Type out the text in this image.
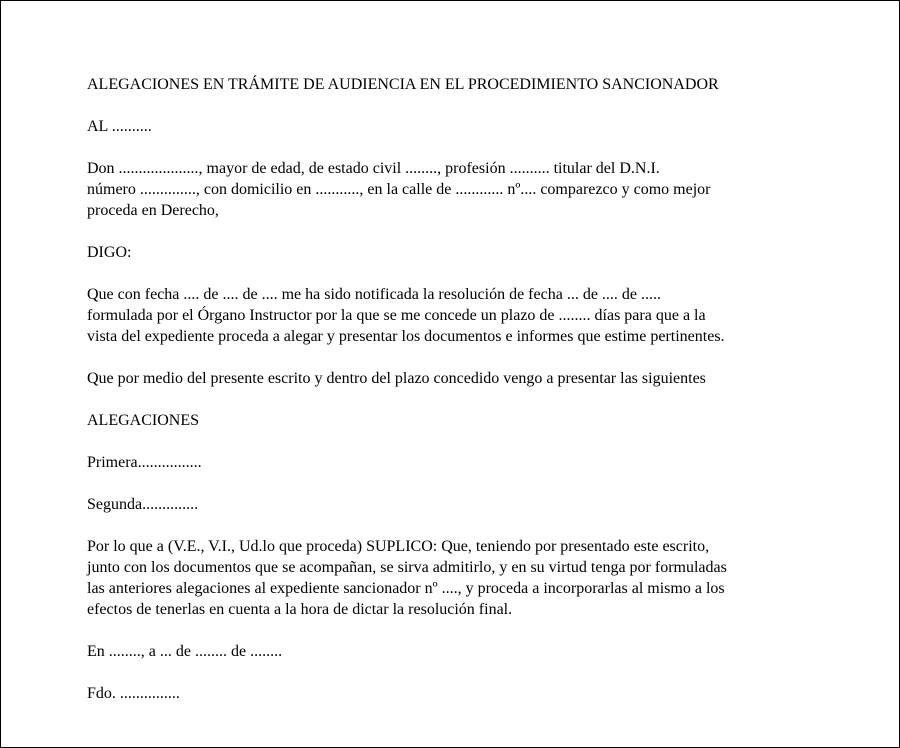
ALEGACIONES EN TRÁMITE DE AUDIENCIA EN EL PROCEDIMIENTO SANCIONADOR

AL ..........

Don ...................., mayor de edad, de estado civil ........, profesión .......... titular del D.N.I.
número .............., con domicilio en ..........., en la calle de ............ nº.... comparezco y como mejor
proceda en Derecho,

DIGO:

Que con fecha .... de .... de .... me ha sido notificada la resolución de fecha ... de .... de .....
formulada por el Órgano Instructor por la que se me concede un plazo de ........ días para que a la
vista del expediente proceda a alegar y presentar los documentos e informes que estime pertinentes.

Que por medio del presente escrito y dentro del plazo concedido vengo a presentar las siguientes

ALEGACIONES

Primera................

Segunda..............

Por lo que a (V.E., V.I., Ud.lo que proceda) SUPLICO: Que, teniendo por presentado este escrito,
junto con los documentos que se acompañan, se sirva admitirlo, y en su virtud tenga por formuladas
las anteriores alegaciones al expediente sancionador nº ...., y proceda a incorporarlas al mismo a los
efectos de tenerlas en cuenta a la hora de dictar la resolución final.

En ........, a ... de ........ de ........

Fdo. ...............
